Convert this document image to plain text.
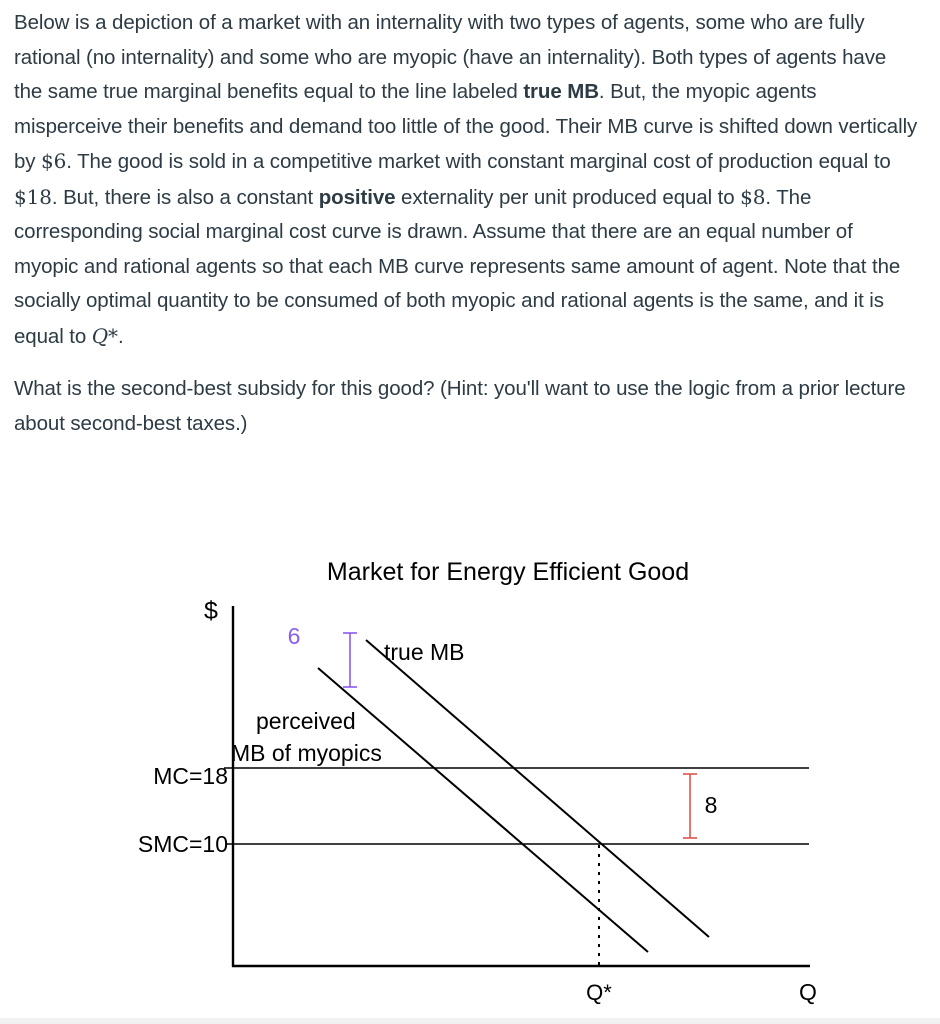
Below is a depiction of a market with an internality with two types of agents, some who are fully rational (no internality) and some who are myopic (have an internality). Both types of agents have the same true marginal benefits equal to the line labeled true MB. But, the myopic agents misperceive their benefits and demand too little of the good. Their MB curve is shifted down vertically by $6. The good is sold in a competitive market with constant marginal cost of production equal to $18. But, there is also a constant positive externality per unit produced equal to $8. The corresponding social marginal cost curve is drawn. Assume that there are an equal number of myopic and rational agents so that each MB curve represents same amount of agent. Note that the socially optimal quantity to be consumed of both myopic and rational agents is the same, and it is equal to Q*.

What is the second-best subsidy for this good? (Hint: you'll want to use the logic from a prior lecture about second-best taxes.)

Market for Energy Efficient Good
$
Q
MC=18
SMC=10
true MB
perceived
MB of myopics
6
8
Q*
